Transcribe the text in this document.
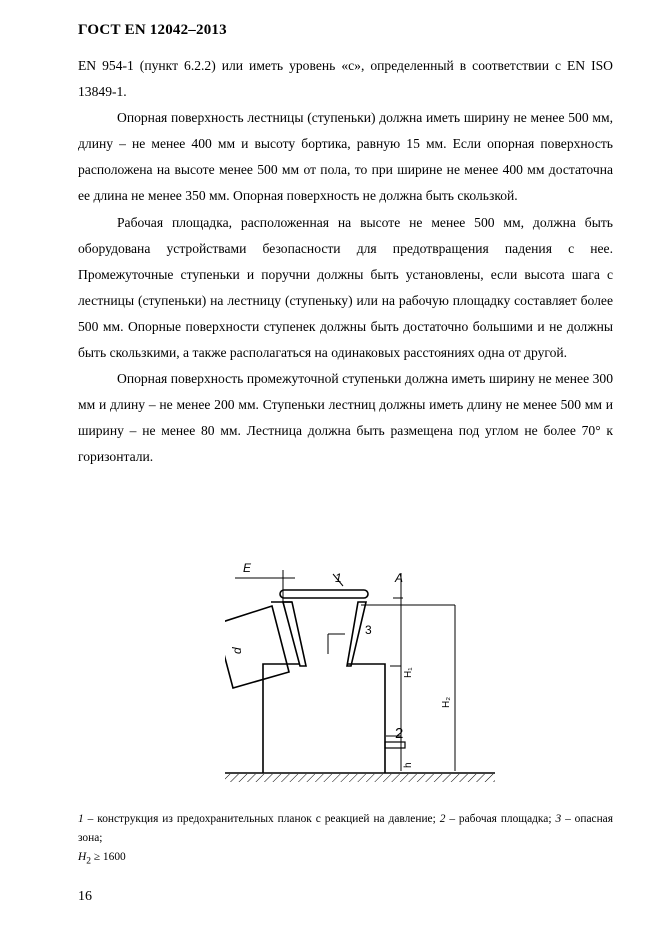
ГОСТ EN 12042–2013

EN 954-1 (пункт 6.2.2) или иметь уровень «c», определенный в соответствии с EN ISO 13849-1.

Опорная поверхность лестницы (ступеньки) должна иметь ширину не менее 500 мм, длину – не менее 400 мм и высоту бортика, равную 15 мм. Если опорная поверхность расположена на высоте менее 500 мм от пола, то при ширине не менее 400 мм достаточна ее длина не менее 350 мм. Опорная поверхность не должна быть скользкой.

Рабочая площадка, расположенная на высоте не менее 500 мм, должна быть оборудована устройствами безопасности для предотвращения падения с нее. Промежуточные ступеньки и поручни должны быть установлены, если высота шага с лестницы (ступеньки) на лестницу (ступеньку) или на рабочую площадку составляет более 500 мм. Опорные поверхности ступенек должны быть достаточно большими и не должны быть скользкими, а также располагаться на одинаковых расстояниях одна от другой.

Опорная поверхность промежуточной ступеньки должна иметь ширину не менее 300 мм и длину – не менее 200 мм. Ступеньки лестниц должны иметь длину не менее 500 мм и ширину – не менее 80 мм. Лестница должна быть размещена под углом не более 70° к горизонтали.

E
1	A
3
2
d
H₁
H₂
h

1 – конструкция из предохранительных планок с реакцией на давление; 2 – рабочая площадка; 3 – опасная зона;

$H_2 \ge 1600$

16
